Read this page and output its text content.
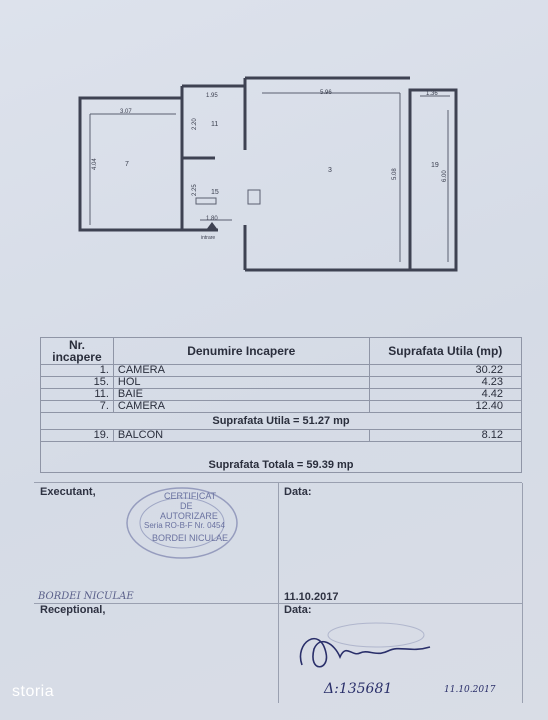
3.07
4.04
1.95
2.20
2.25
1.80
5.96
5.08
1.36
6.00
7
11
15
3
19
intrare
Nr. incapere	Denumire Incapere	Suprafata Utila (mp)
1.	CAMERA	30.22
15.	HOL	4.23
11.	BAIE	4.42
7.	CAMERA	12.40
Suprafata Utila = 51.27 mp		
19.	BALCON	8.12

Suprafata Totala = 59.39 mp		
Executant,	Data:
CERTIFICAT
DE
AUTORIZARE
Seria RO-B-F Nr. 0454
BORDEI NICULAE
BORDEI NICULAE	11.10.2017
Receptional,	Data:
Δ:135681	11.10.2017
storia
